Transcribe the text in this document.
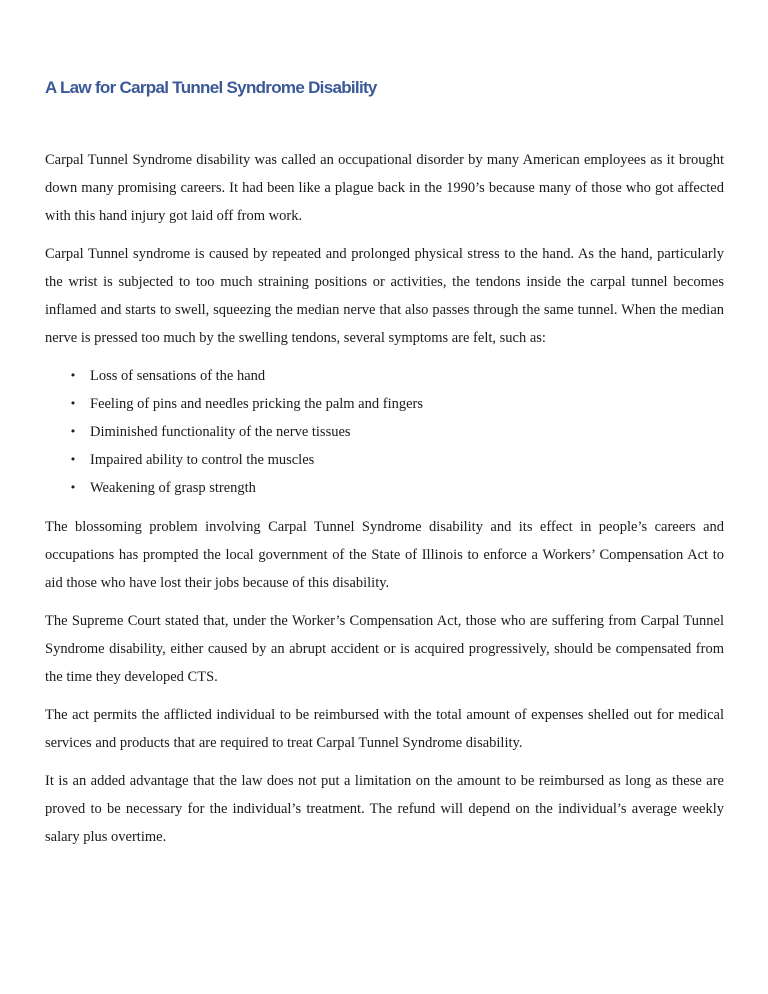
A Law for Carpal Tunnel Syndrome Disability

Carpal Tunnel Syndrome disability was called an occupational disorder by many American employees as it brought down many promising careers. It had been like a plague back in the 1990’s because many of those who got affected with this hand injury got laid off from work.

Carpal Tunnel syndrome is caused by repeated and prolonged physical stress to the hand. As the hand, particularly the wrist is subjected to too much straining positions or activities, the tendons inside the carpal tunnel becomes inflamed and starts to swell, squeezing the median nerve that also passes through the same tunnel. When the median nerve is pressed too much by the swelling tendons, several symptoms are felt, such as:

• Loss of sensations of the hand
• Feeling of pins and needles pricking the palm and fingers
• Diminished functionality of the nerve tissues
• Impaired ability to control the muscles
• Weakening of grasp strength

The blossoming problem involving Carpal Tunnel Syndrome disability and its effect in people’s careers and occupations has prompted the local government of the State of Illinois to enforce a Workers’ Compensation Act to aid those who have lost their jobs because of this disability.

The Supreme Court stated that, under the Worker’s Compensation Act, those who are suffering from Carpal Tunnel Syndrome disability, either caused by an abrupt accident or is acquired progressively, should be compensated from the time they developed CTS.

The act permits the afflicted individual to be reimbursed with the total amount of expenses shelled out for medical services and products that are required to treat Carpal Tunnel Syndrome disability.

It is an added advantage that the law does not put a limitation on the amount to be reimbursed as long as these are proved to be necessary for the individual’s treatment. The refund will depend on the individual’s average weekly salary plus overtime.
